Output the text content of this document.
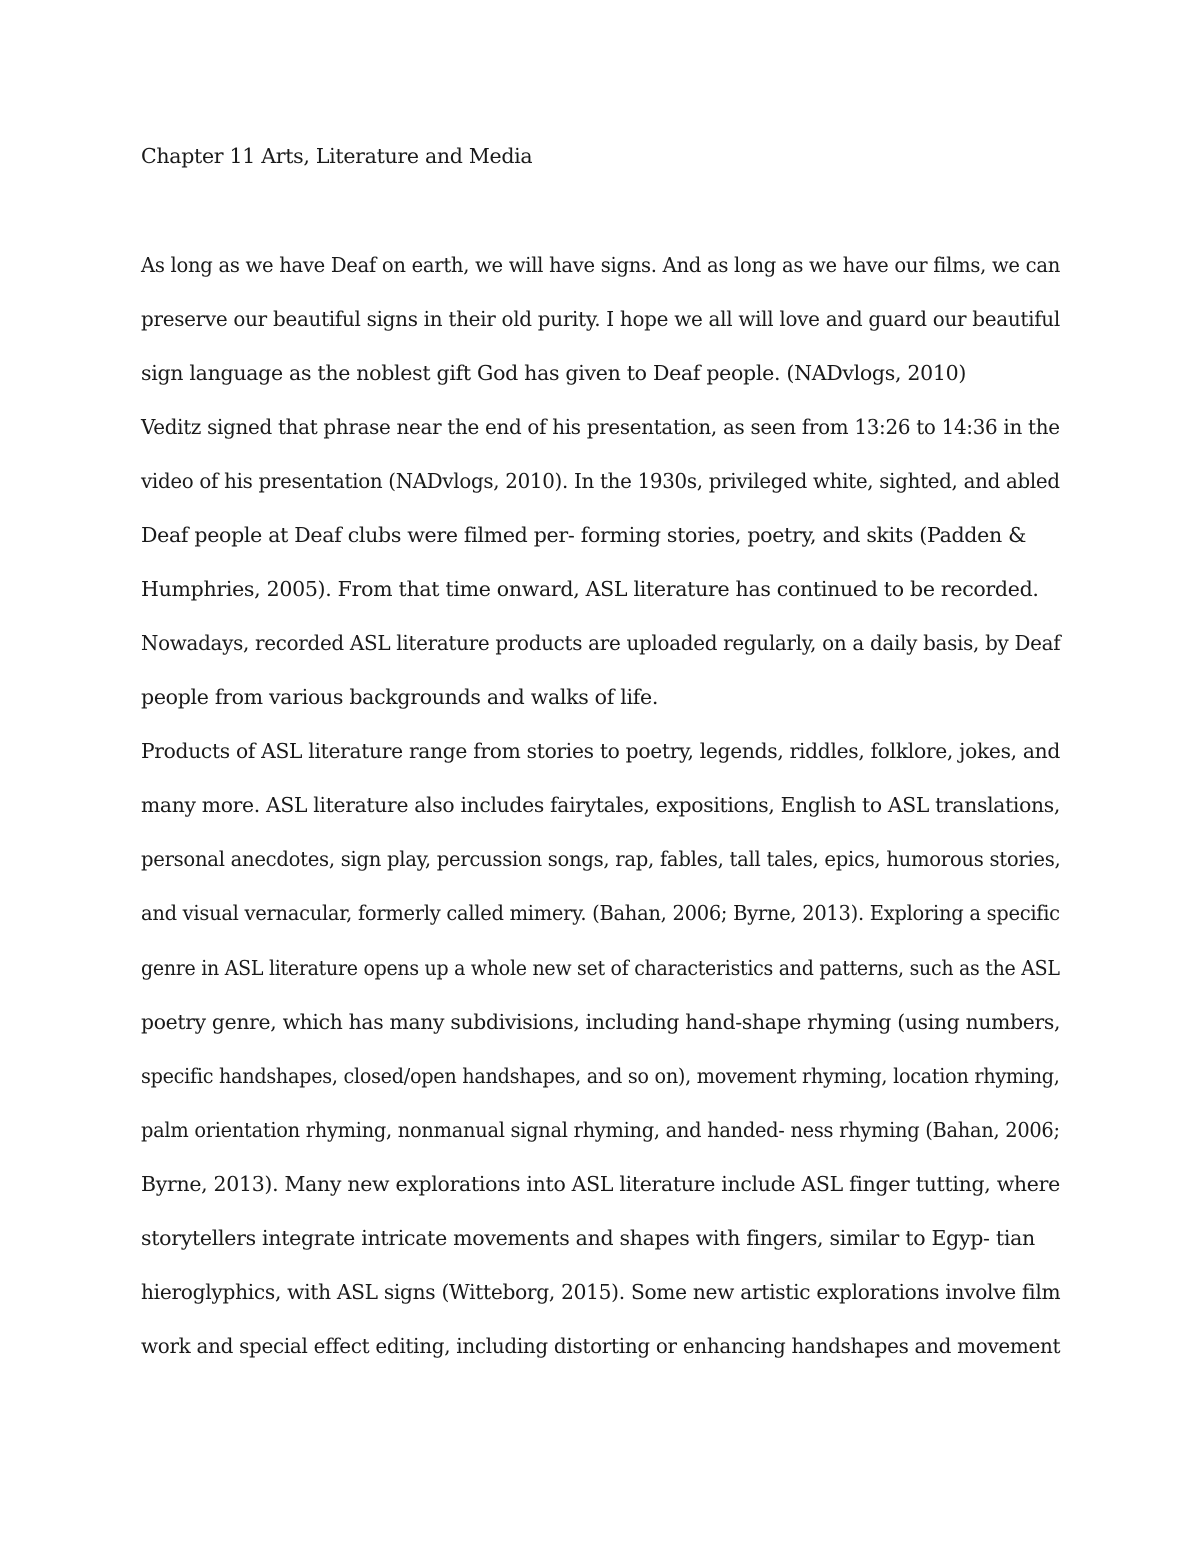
Chapter 11 Arts, Literature and Media
As long as we have Deaf on earth, we will have signs. And as long as we have our films, we can
preserve our beautiful signs in their old purity. I hope we all will love and guard our beautiful
sign language as the noblest gift God has given to Deaf people. (NADvlogs, 2010)
Veditz signed that phrase near the end of his presentation, as seen from 13:26 to 14:36 in the
video of his presentation (NADvlogs, 2010). In the 1930s, privileged white, sighted, and abled
Deaf people at Deaf clubs were filmed per- forming stories, poetry, and skits (Padden &
Humphries, 2005). From that time onward, ASL literature has continued to be recorded.
Nowadays, recorded ASL literature products are uploaded regularly, on a daily basis, by Deaf
people from various backgrounds and walks of life.
Products of ASL literature range from stories to poetry, legends, riddles, folklore, jokes, and
many more. ASL literature also includes fairytales, expositions, English to ASL translations,
personal anecdotes, sign play, percussion songs, rap, fables, tall tales, epics, humorous stories,
and visual vernacular, formerly called mimery. (Bahan, 2006; Byrne, 2013). Exploring a specific
genre in ASL literature opens up a whole new set of characteristics and patterns, such as the ASL
poetry genre, which has many subdivisions, including hand-shape rhyming (using numbers,
specific handshapes, closed/open handshapes, and so on), movement rhyming, location rhyming,
palm orientation rhyming, nonmanual signal rhyming, and handed- ness rhyming (Bahan, 2006;
Byrne, 2013). Many new explorations into ASL literature include ASL finger tutting, where
storytellers integrate intricate movements and shapes with fingers, similar to Egyp- tian
hieroglyphics, with ASL signs (Witteborg, 2015). Some new artistic explorations involve film
work and special effect editing, including distorting or enhancing handshapes and movement
